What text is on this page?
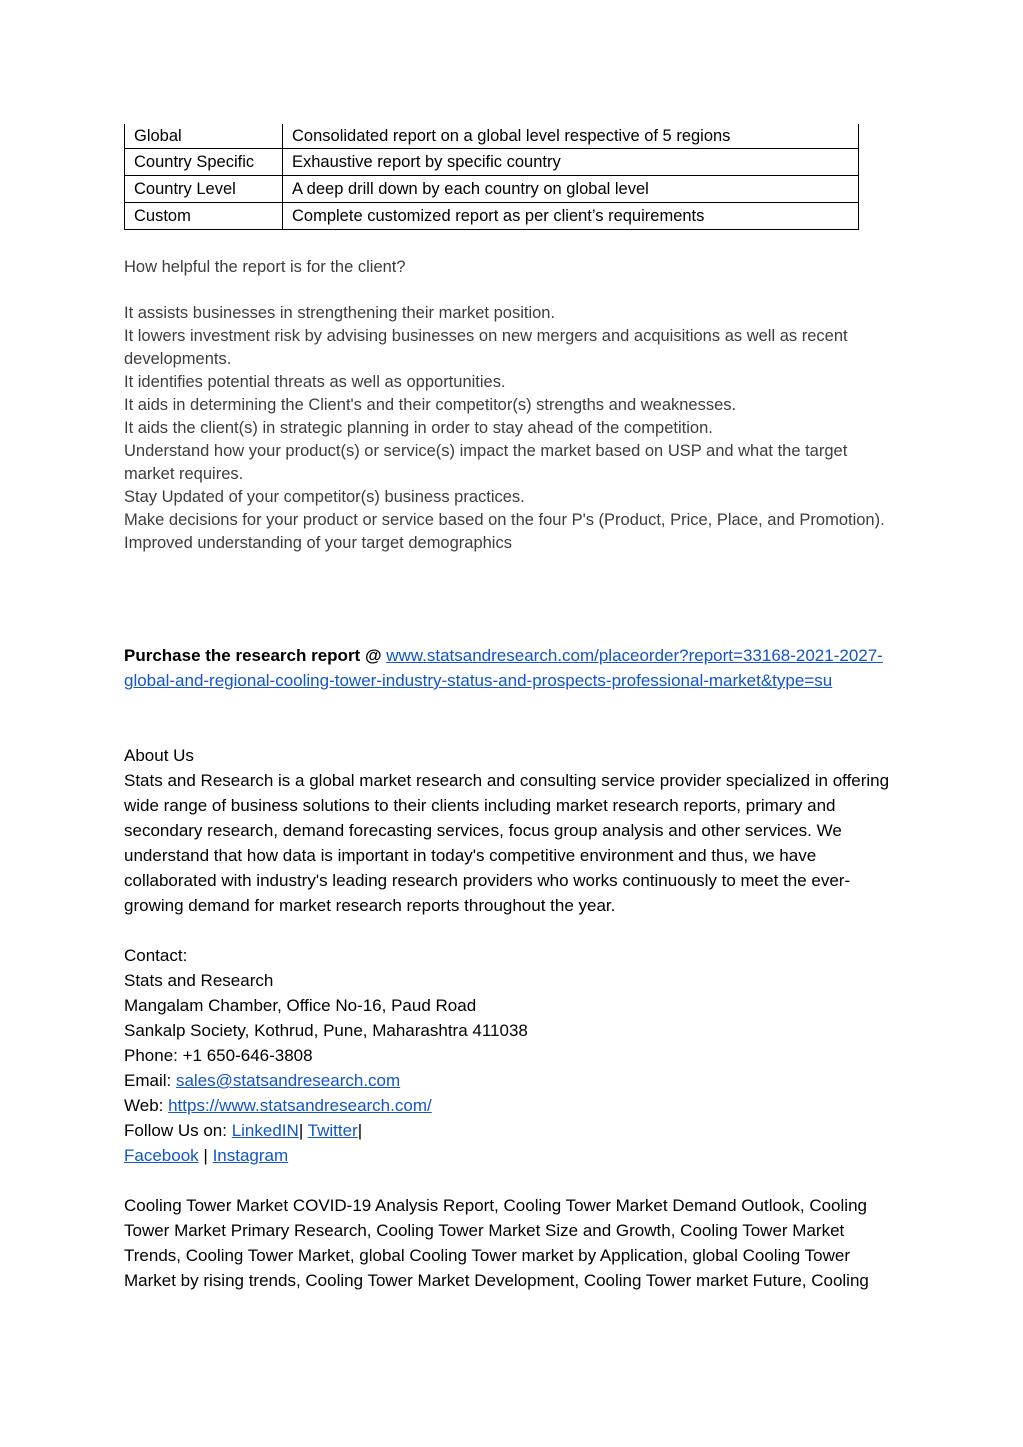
Global	Consolidated report on a global level respective of 5 regions
Country Specific	Exhaustive report by specific country
Country Level	A deep drill down by each country on global level
Custom	Complete customized report as per client’s requirements
How helpful the report is for the client?
It assists businesses in strengthening their market position.
It lowers investment risk by advising businesses on new mergers and acquisitions as well as recent developments.
It identifies potential threats as well as opportunities.
It aids in determining the Client's and their competitor(s) strengths and weaknesses.
It aids the client(s) in strategic planning in order to stay ahead of the competition.
Understand how your product(s) or service(s) impact the market based on USP and what the target market requires.
Stay Updated of your competitor(s) business practices.
Make decisions for your product or service based on the four P's (Product, Price, Place, and Promotion).
Improved understanding of your target demographics
Purchase the research report @ www.statsandresearch.com/placeorder?report=33168-2021-2027-
global-and-regional-cooling-tower-industry-status-and-prospects-professional-market&type=su
About Us

Stats and Research is a global market research and consulting service provider specialized in offering wide range of business solutions to their clients including market research reports, primary and secondary research, demand forecasting services, focus group analysis and other services. We understand that how data is important in today's competitive environment and thus, we have collaborated with industry's leading research providers who works continuously to meet the ever-growing demand for market research reports throughout the year.

Contact:
Stats and Research
Mangalam Chamber, Office No-16, Paud Road
Sankalp Society, Kothrud, Pune, Maharashtra 411038
Phone: +1 650-646-3808
Email: sales@statsandresearch.com
Web: https://www.statsandresearch.com/
Follow Us on: LinkedIN| Twitter|
Facebook | Instagram

Cooling Tower Market COVID-19 Analysis Report, Cooling Tower Market Demand Outlook, Cooling Tower Market Primary Research, Cooling Tower Market Size and Growth, Cooling Tower Market Trends, Cooling Tower Market, global Cooling Tower market by Application, global Cooling Tower Market by rising trends, Cooling Tower Market Development, Cooling Tower market Future, Cooling
